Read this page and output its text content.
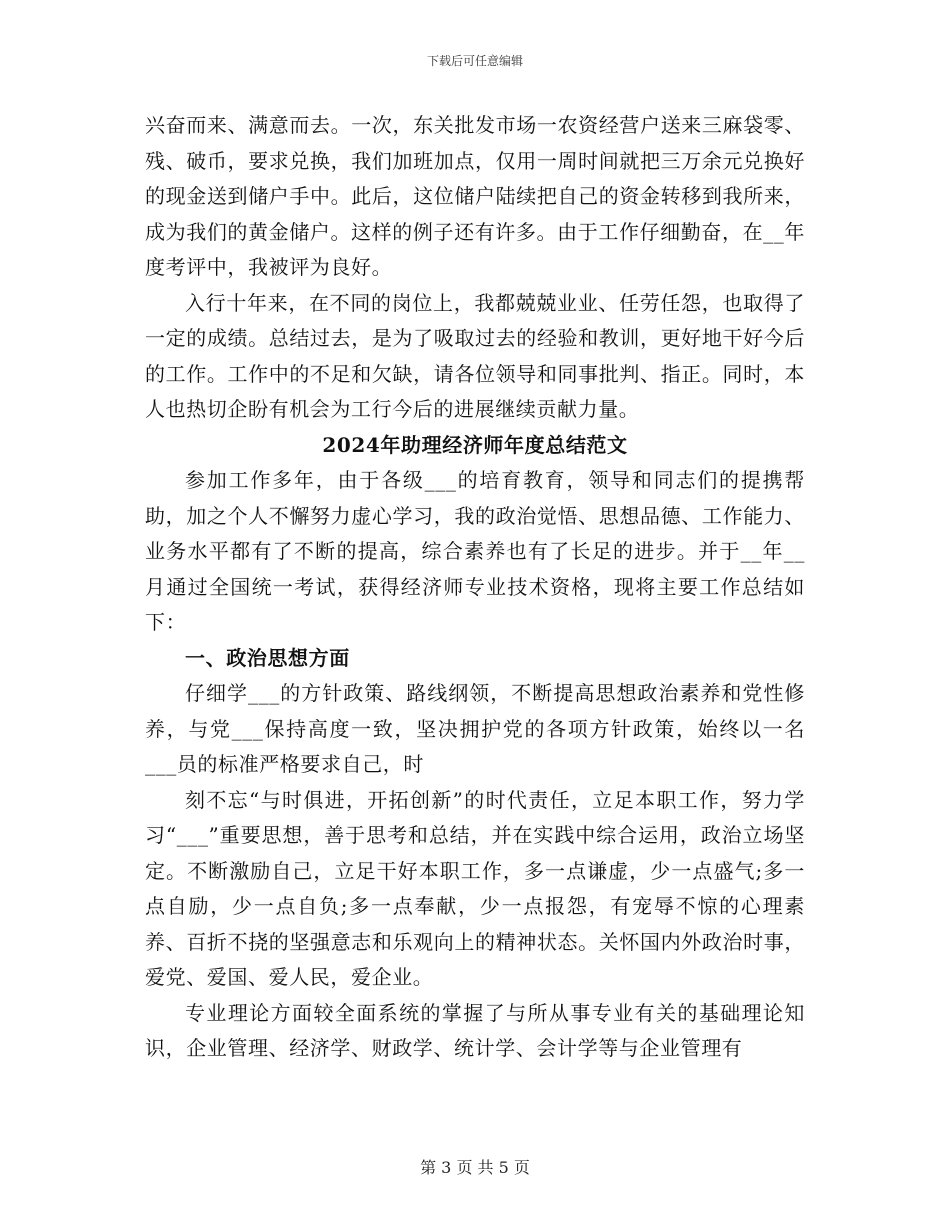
下载后可任意编辑

兴奋而来、满意而去。一次，东关批发市场一农资经营户送来三麻袋零、残、破币，要求兑换，我们加班加点，仅用一周时间就把三万余元兑换好的现金送到储户手中。此后，这位储户陆续把自己的资金转移到我所来，成为我们的黄金储户。这样的例子还有许多。由于工作仔细勤奋，在__年度考评中，我被评为良好。

入行十年来，在不同的岗位上，我都兢兢业业、任劳任怨，也取得了一定的成绩。总结过去，是为了吸取过去的经验和教训，更好地干好今后的工作。工作中的不足和欠缺，请各位领导和同事批判、指正。同时，本人也热切企盼有机会为工行今后的进展继续贡献力量。

2024年助理经济师年度总结范文

参加工作多年，由于各级___的培育教育，领导和同志们的提携帮助，加之个人不懈努力虚心学习，我的政治觉悟、思想品德、工作能力、业务水平都有了不断的提高，综合素养也有了长足的进步。并于__年__月通过全国统一考试，获得经济师专业技术资格，现将主要工作总结如下：

一、政治思想方面

仔细学___的方针政策、路线纲领，不断提高思想政治素养和党性修养，与党___保持高度一致，坚决拥护党的各项方针政策，始终以一名___员的标准严格要求自己，时

刻不忘“与时俱进，开拓创新”的时代责任，立足本职工作，努力学习“___”重要思想，善于思考和总结，并在实践中综合运用，政治立场坚定。不断激励自己，立足干好本职工作，多一点谦虚，少一点盛气;多一点自励，少一点自负;多一点奉献，少一点报怨，有宠辱不惊的心理素养、百折不挠的坚强意志和乐观向上的精神状态。关怀国内外政治时事，爱党、爱国、爱人民，爱企业。

专业理论方面较全面系统的掌握了与所从事专业有关的基础理论知识，企业管理、经济学、财政学、统计学、会计学等与企业管理有

第 3 页 共 5 页
